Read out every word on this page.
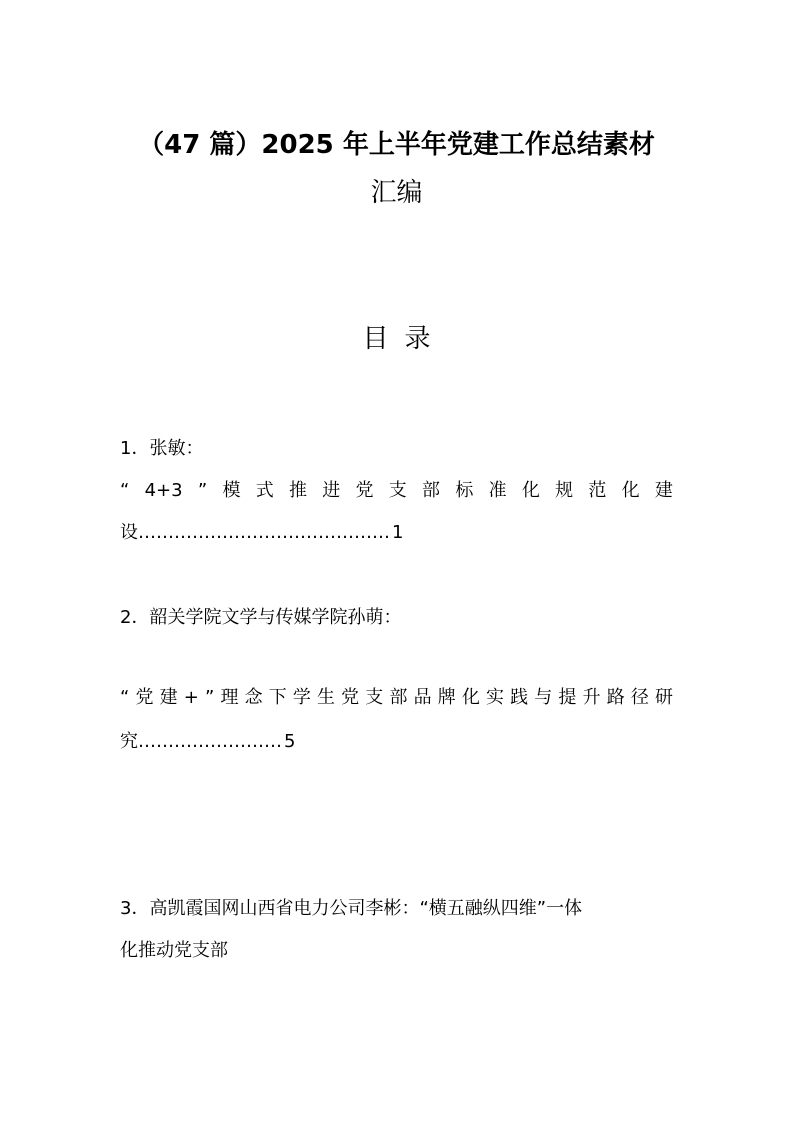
（47 篇）2025 年上半年党建工作总结素材
汇编
目录

1．张敏：

“ 4+3 ” 模 式 推 进 党 支 部 标 准 化 规 范 化 建

设…………………………………… 1

2．韶关学院文学与传媒学院孙萌：

“ 党 建 + ” 理 念 下 学 生 党 支 部 品 牌 化 实 践 与 提 升 路 径 研

究…………………… 5

3．高凯霞国网山西省电力公司李彬：“横五融纵四维”一体

化推动党支部
